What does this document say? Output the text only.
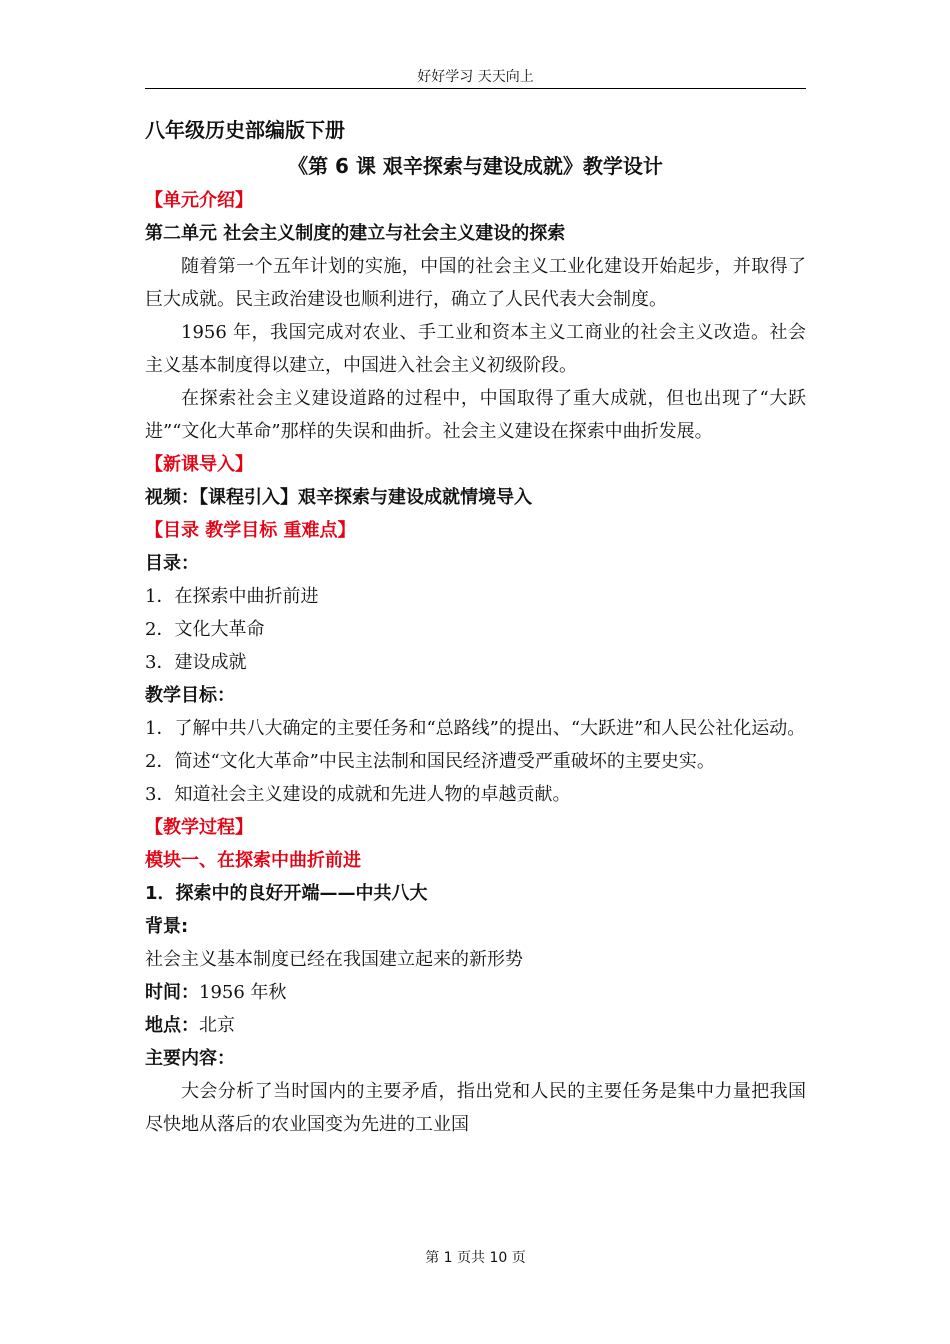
好好学习 天天向上

八年级历史部编版下册

《第 6 课 艰辛探索与建设成就》教学设计

【单元介绍】

第二单元 社会主义制度的建立与社会主义建设的探索

随着第一个五年计划的实施，中国的社会主义工业化建设开始起步，并取得了巨大成就。民主政治建设也顺利进行，确立了人民代表大会制度。

1956 年，我国完成对农业、手工业和资本主义工商业的社会主义改造。社会主义基本制度得以建立，中国进入社会主义初级阶段。

在探索社会主义建设道路的过程中，中国取得了重大成就，但也出现了“大跃进”“文化大革命”那样的失误和曲折。社会主义建设在探索中曲折发展。

【新课导入】

视频：【课程引入】艰辛探索与建设成就情境导入

【目录 教学目标 重难点】

目录：

1．在探索中曲折前进

2．文化大革命

3．建设成就

教学目标：

1．了解中共八大确定的主要任务和“总路线”的提出、“大跃进”和人民公社化运动。

2．简述“文化大革命”中民主法制和国民经济遭受严重破坏的主要史实。

3．知道社会主义建设的成就和先进人物的卓越贡献。

【教学过程】

模块一、在探索中曲折前进

1．探索中的良好开端——中共八大

背景:

社会主义基本制度已经在我国建立起来的新形势

时间：1956 年秋

地点：北京

主要内容：

大会分析了当时国内的主要矛盾，指出党和人民的主要任务是集中力量把我国尽快地从落后的农业国变为先进的工业国

第 1 页共 10 页
